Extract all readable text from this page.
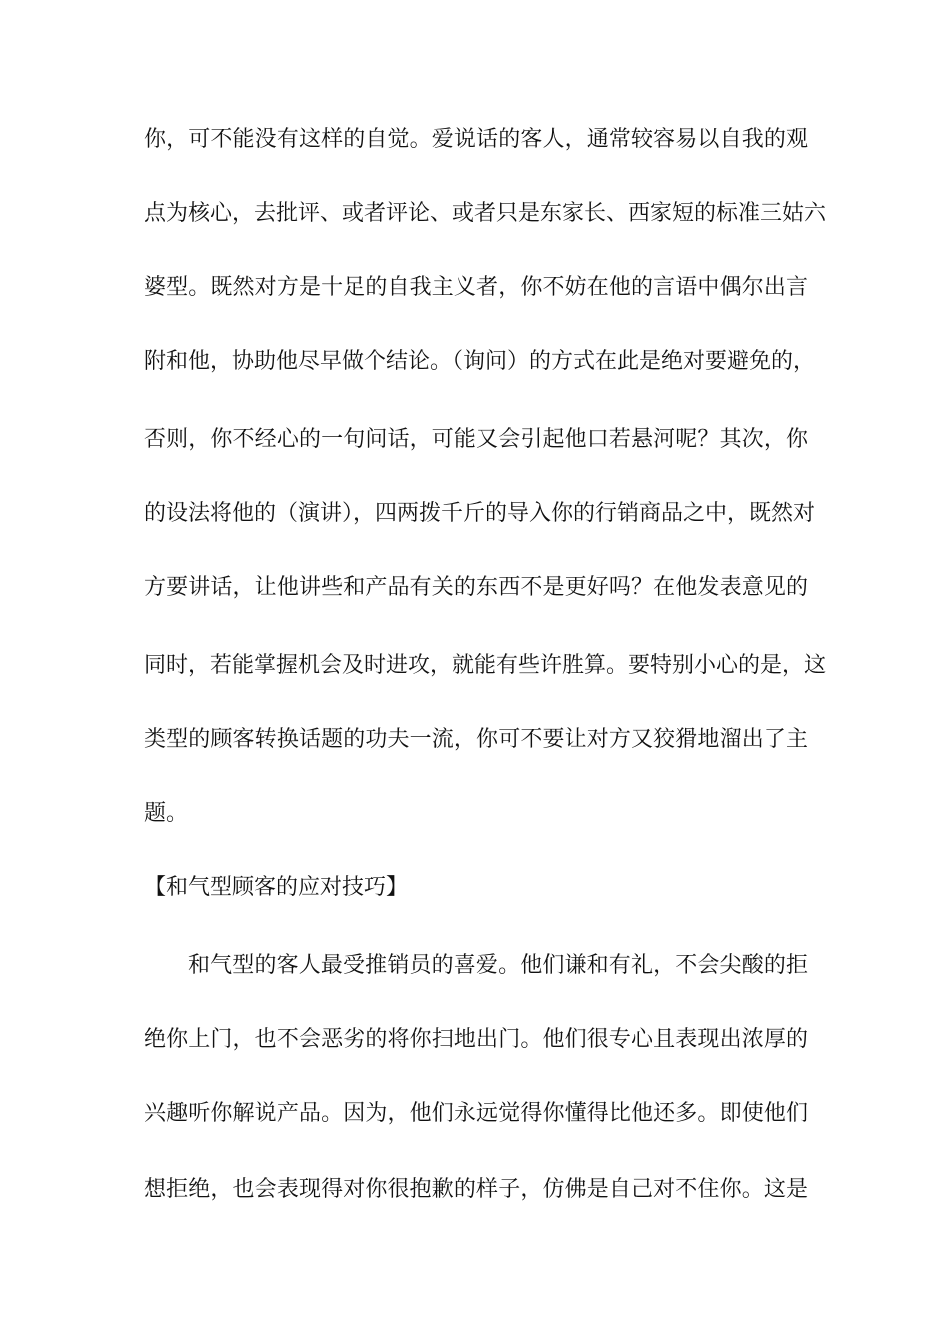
你，可不能没有这样的自觉。爱说话的客人，通常较容易以自我的观
点为核心，去批评、或者评论、或者只是东家长、西家短的标准三姑六
婆型。既然对方是十足的自我主义者，你不妨在他的言语中偶尔出言
附和他，协助他尽早做个结论。（询问）的方式在此是绝对要避免的，
否则，你不经心的一句问话，可能又会引起他口若悬河呢？其次，你
的设法将他的（演讲），四两拨千斤的导入你的行销商品之中，既然对
方要讲话，让他讲些和产品有关的东西不是更好吗？在他发表意见的
同时，若能掌握机会及时进攻，就能有些许胜算。要特别小心的是，这
类型的顾客转换话题的功夫一流，你可不要让对方又狡猾地溜出了主
题。
【和气型顾客的应对技巧】
和气型的客人最受推销员的喜爱。他们谦和有礼，不会尖酸的拒
绝你上门，也不会恶劣的将你扫地出门。他们很专心且表现出浓厚的
兴趣听你解说产品。因为，他们永远觉得你懂得比他还多。即使他们
想拒绝，也会表现得对你很抱歉的样子，仿佛是自己对不住你。这是
